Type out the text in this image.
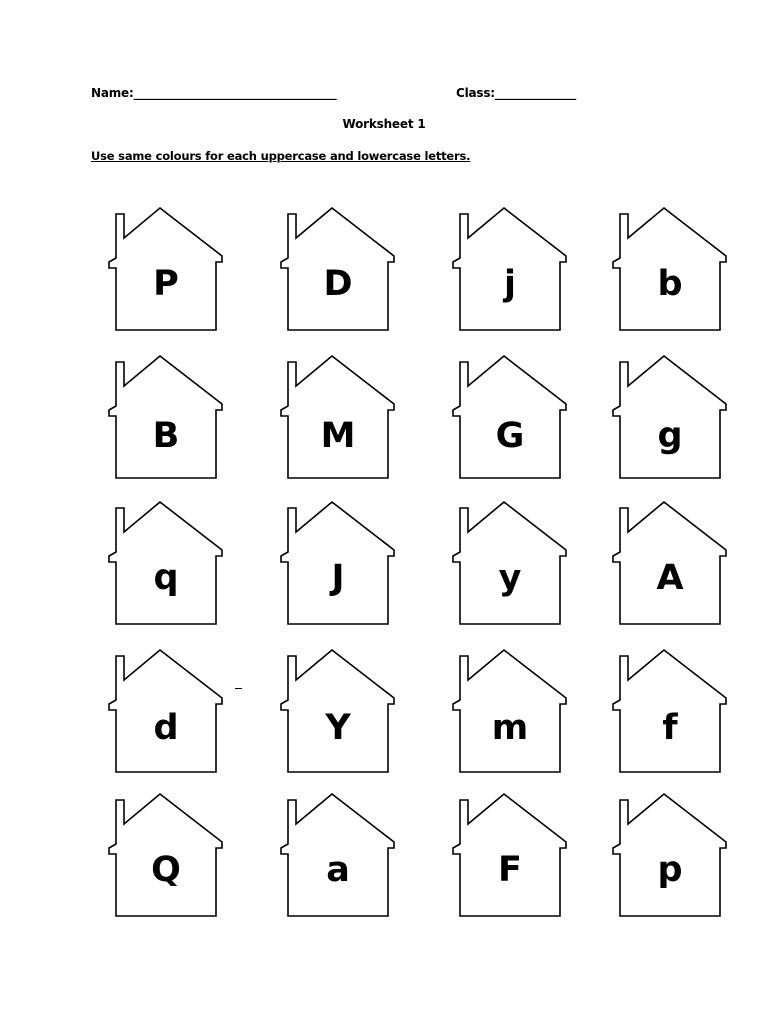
Name:___________________________________	Class:______________
Worksheet 1
Use same colours for each uppercase and lowercase letters.
P	D	j	b
B	M	G	g
q	J	y	A
d	Y	m	f
Q	a	F	p
